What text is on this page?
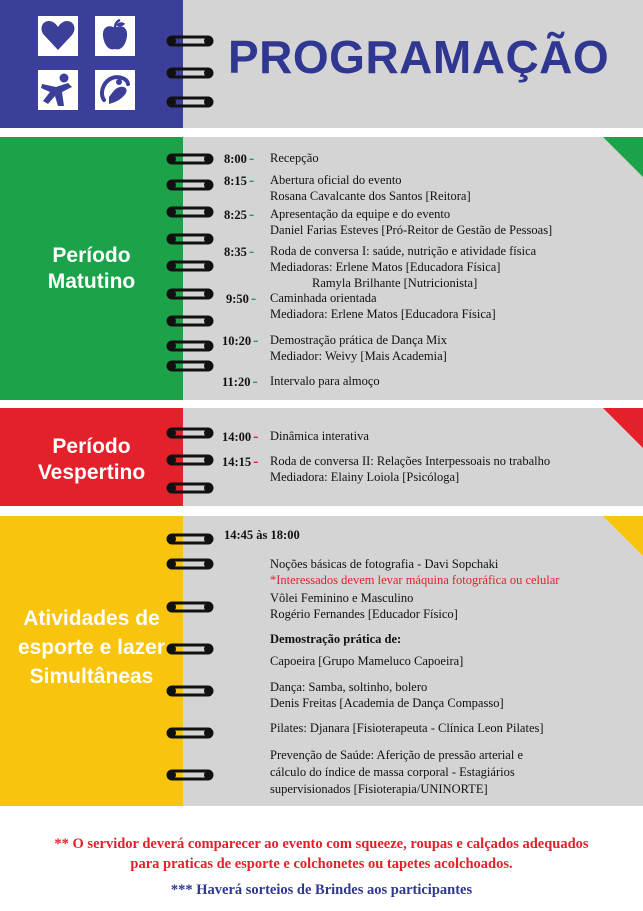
PROGRAMAÇÃO
Período
Matutino
Período
Vespertino
Atividades de
esporte e lazer
Simultâneas
8:00 - Recepção
8:15 - Abertura oficial do evento
Rosana Cavalcante dos Santos [Reitora]
8:25 - Apresentação da equipe e do evento
Daniel Farias Esteves [Pró-Reitor de Gestão de Pessoas]
8:35 - Roda de conversa I: saúde, nutrição e atividade física
Mediadoras: Erlene Matos [Educadora Física]
Ramyla Brilhante [Nutricionista]
9:50 - Caminhada orientada
Mediadora: Erlene Matos [Educadora Física]
10:20 - Demostração prática de Dança Mix
Mediador: Weivy [Mais Academia]
11:20 - Intervalo para almoço
14:00 - Dinâmica interativa
14:15 - Roda de conversa II: Relações Interpessoais no trabalho
Mediadora: Elainy Loiola [Psicóloga]
14:45 às 18:00
Noções básicas de fotografia - Davi Sopchaki
*Interessados devem levar máquina fotográfica ou celular
Vôlei Feminino e Masculino
Rogério Fernandes [Educador Físico]
Demostração prática de:
Capoeira [Grupo Mameluco Capoeira]
Dança: Samba, soltinho, bolero
Denis Freitas [Academia de Dança Compasso]
Pilates: Djanara [Fisioterapeuta - Clínica Leon Pilates]
Prevenção de Saúde: Aferição de pressão arterial e
cálculo do índice de massa corporal - Estagiários
supervisionados [Fisioterapia/UNINORTE]
** O servidor deverá comparecer ao evento com squeeze, roupas e calçados adequados
para praticas de esporte e colchonetes ou tapetes acolchoados.
*** Haverá sorteios de Brindes aos participantes
